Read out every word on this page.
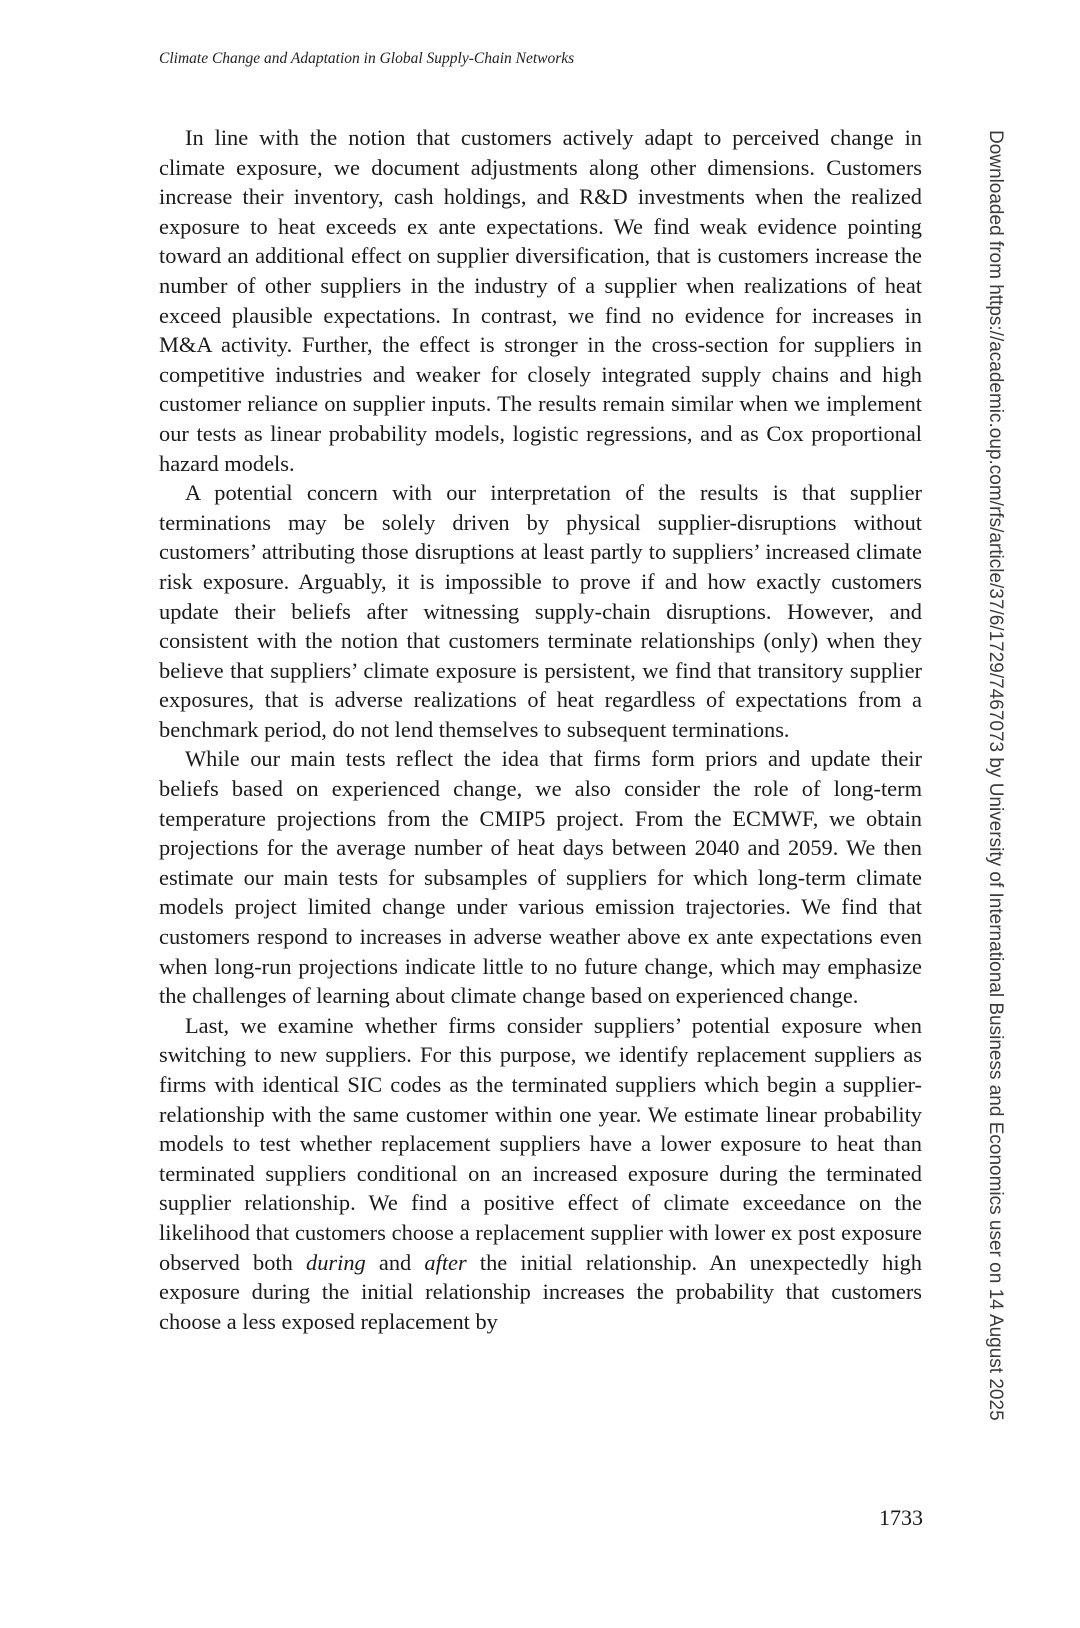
Climate Change and Adaptation in Global Supply-Chain Networks

In line with the notion that customers actively adapt to perceived change in climate exposure, we document adjustments along other dimensions. Customers increase their inventory, cash holdings, and R&D investments when the realized exposure to heat exceeds ex ante expectations. We find weak evidence pointing toward an additional effect on supplier diversification, that is customers increase the number of other suppliers in the industry of a supplier when realizations of heat exceed plausible expectations. In contrast, we find no evidence for increases in M&A activity. Further, the effect is stronger in the cross-section for suppliers in competitive industries and weaker for closely integrated supply chains and high customer reliance on supplier inputs. The results remain similar when we implement our tests as linear probability models, logistic regressions, and as Cox proportional hazard models.

A potential concern with our interpretation of the results is that supplier terminations may be solely driven by physical supplier-disruptions without customers’ attributing those disruptions at least partly to suppliers’ increased climate risk exposure. Arguably, it is impossible to prove if and how exactly customers update their beliefs after witnessing supply-chain disruptions. However, and consistent with the notion that customers terminate relationships (only) when they believe that suppliers’ climate exposure is persistent, we find that transitory supplier exposures, that is adverse realizations of heat regardless of expectations from a benchmark period, do not lend themselves to subsequent terminations.

While our main tests reflect the idea that firms form priors and update their beliefs based on experienced change, we also consider the role of long-term temperature projections from the CMIP5 project. From the ECMWF, we obtain projections for the average number of heat days between 2040 and 2059. We then estimate our main tests for subsamples of suppliers for which long-term climate models project limited change under various emission trajectories. We find that customers respond to increases in adverse weather above ex ante expectations even when long-run projections indicate little to no future change, which may emphasize the challenges of learning about climate change based on experienced change.

Last, we examine whether firms consider suppliers’ potential exposure when switching to new suppliers. For this purpose, we identify replacement suppliers as firms with identical SIC codes as the terminated suppliers which begin a supplier-relationship with the same customer within one year. We estimate linear probability models to test whether replacement suppliers have a lower exposure to heat than terminated suppliers conditional on an increased exposure during the terminated supplier relationship. We find a positive effect of climate exceedance on the likelihood that customers choose a replacement supplier with lower ex post exposure observed both during and after the initial relationship. An unexpectedly high exposure during the initial relationship increases the probability that customers choose a less exposed replacement by

1733

Downloaded from https://academic.oup.com/rfs/article/37/6/1729/7467073 by University of International Business and Economics user on 14 August 2025
